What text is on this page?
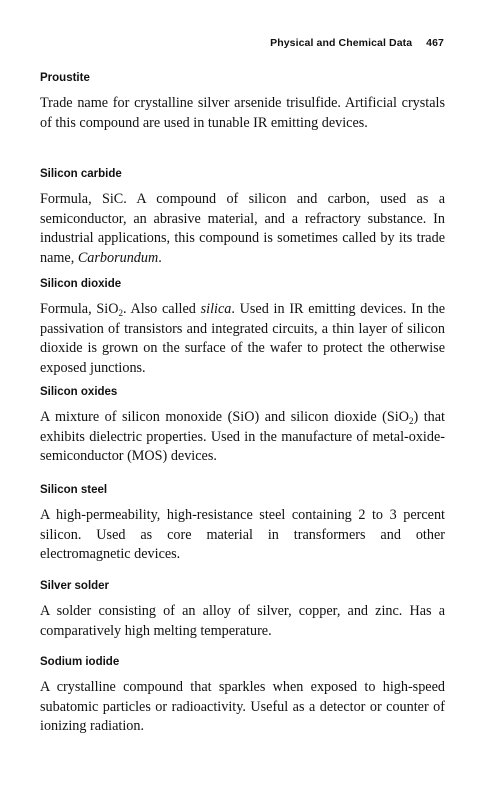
Physical and Chemical Data 467
Proustite

Trade name for crystalline silver arsenide trisulfide. Artificial crystals of this compound are used in tunable IR emitting devices.

Silicon carbide

Formula, SiC. A compound of silicon and carbon, used as a semiconductor, an abrasive material, and a refractory substance. In industrial applications, this compound is sometimes called by its trade name, Carborundum.

Silicon dioxide

Formula, SiO$_2$. Also called silica. Used in IR emitting devices. In the passivation of transistors and integrated circuits, a thin layer of silicon dioxide is grown on the surface of the wafer to protect the otherwise exposed junctions.

Silicon oxides

A mixture of silicon monoxide (SiO) and silicon dioxide (SiO$_2$) that exhibits dielectric properties. Used in the manufacture of metal-oxide-semiconductor (MOS) devices.

Silicon steel

A high-permeability, high-resistance steel containing 2 to 3 percent silicon. Used as core material in transformers and other electromagnetic devices.

Silver solder

A solder consisting of an alloy of silver, copper, and zinc. Has a comparatively high melting temperature.

Sodium iodide

A crystalline compound that sparkles when exposed to high-speed subatomic particles or radioactivity. Useful as a detector or counter of ionizing radiation.
